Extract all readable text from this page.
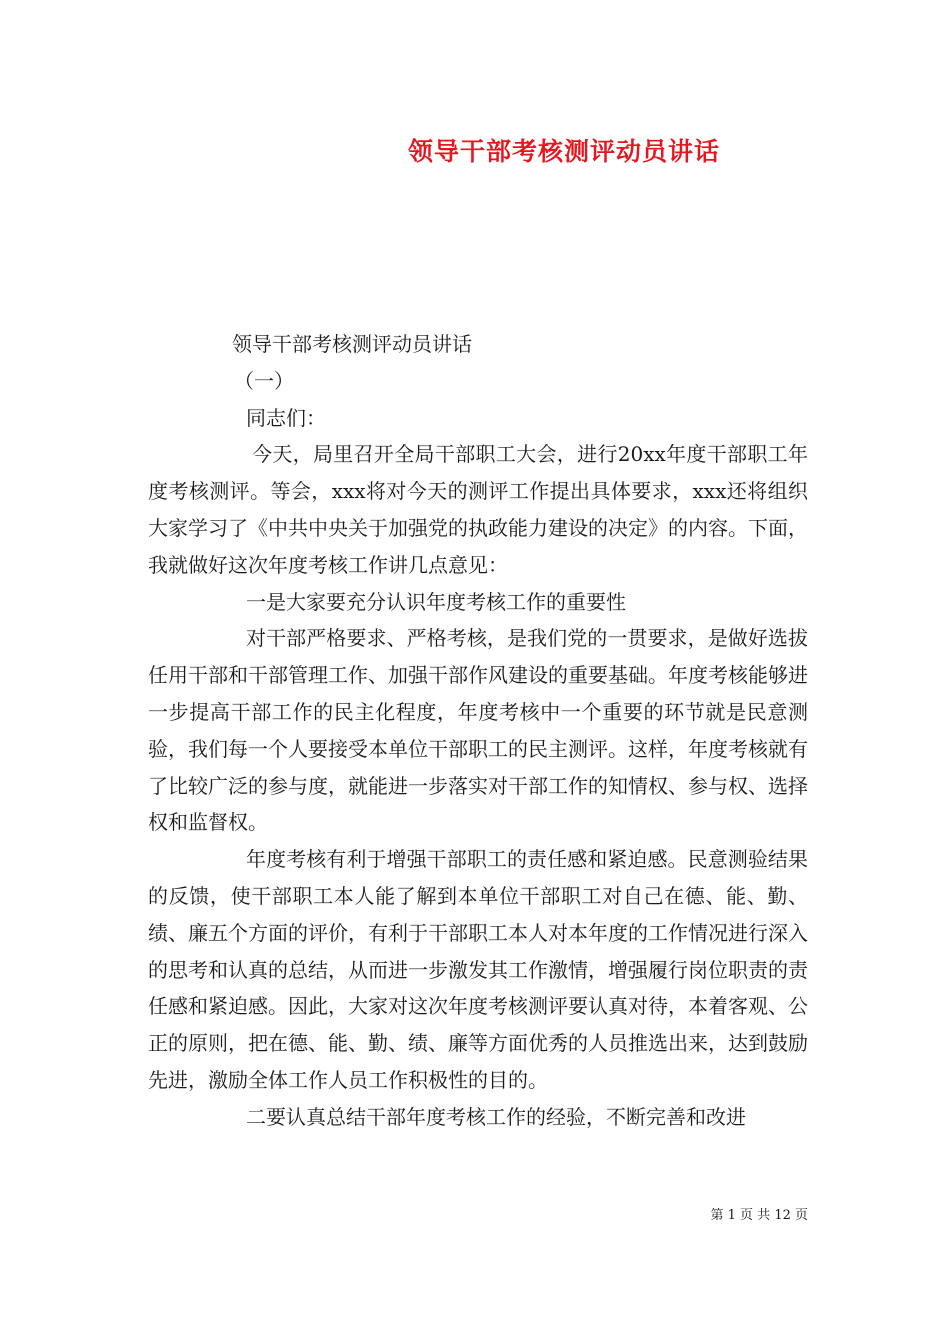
领导干部考核测评动员讲话

领导干部考核测评动员讲话

（一）

同志们：

今天，局里召开全局干部职工大会，进行20xx年度干部职工年度考核测评。等会，xxx将对今天的测评工作提出具体要求，xxx还将组织大家学习了《中共中央关于加强党的执政能力建设的决定》的内容。下面，我就做好这次年度考核工作讲几点意见：

一是大家要充分认识年度考核工作的重要性

对干部严格要求、严格考核，是我们党的一贯要求，是做好选拔任用干部和干部管理工作、加强干部作风建设的重要基础。年度考核能够进一步提高干部工作的民主化程度，年度考核中一个重要的环节就是民意测验，我们每一个人要接受本单位干部职工的民主测评。这样，年度考核就有了比较广泛的参与度，就能进一步落实对干部工作的知情权、参与权、选择权和监督权。

年度考核有利于增强干部职工的责任感和紧迫感。民意测验结果的反馈，使干部职工本人能了解到本单位干部职工对自己在德、能、勤、绩、廉五个方面的评价，有利于干部职工本人对本年度的工作情况进行深入的思考和认真的总结，从而进一步激发其工作激情，增强履行岗位职责的责任感和紧迫感。因此，大家对这次年度考核测评要认真对待，本着客观、公正的原则，把在德、能、勤、绩、廉等方面优秀的人员推选出来，达到鼓励先进，激励全体工作人员工作积极性的目的。

二要认真总结干部年度考核工作的经验，不断完善和改进

第 1 页 共 12 页
